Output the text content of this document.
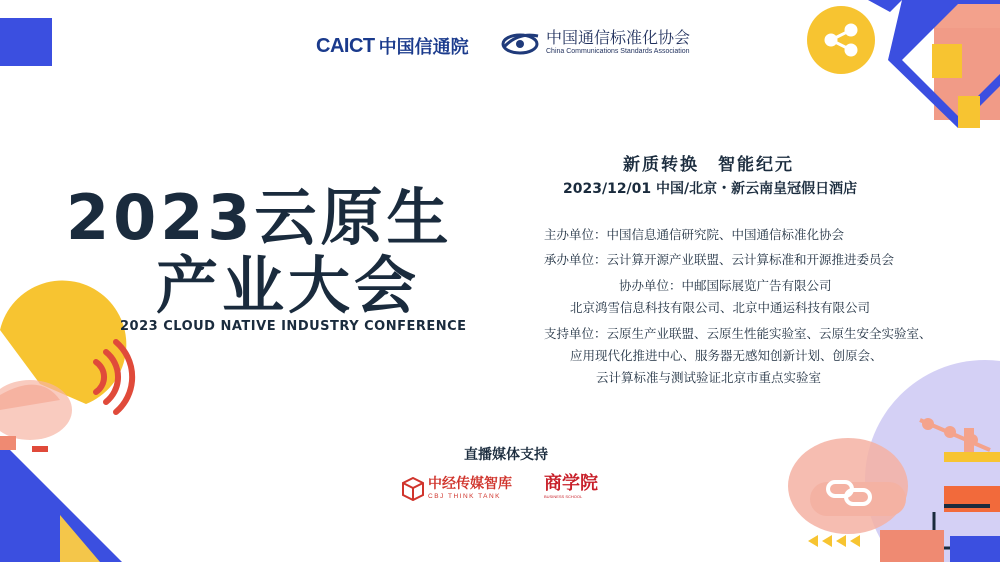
CAICT 中国信通院	中国通信标准化协会
China Communications Standards Association
2023云原生
产业大会
2023 CLOUD NATIVE INDUSTRY CONFERENCE
新质转换　智能纪元
2023/12/01 中国/北京・新云南皇冠假日酒店
主办单位：中国信息通信研究院、中国通信标准化协会
承办单位：云计算开源产业联盟、云计算标准和开源推进委员会
协办单位：中邮国际展览广告有限公司
北京鸿雪信息科技有限公司、北京中通运科技有限公司
支持单位：云原生产业联盟、云原生性能实验室、云原生安全实验室、
应用现代化推进中心、服务器无感知创新计划、创原会、
云计算标准与测试验证北京市重点实验室
直播媒体支持
中经传媒智库
CBJ THINK TANK
商学院
BUSINESS SCHOOL
